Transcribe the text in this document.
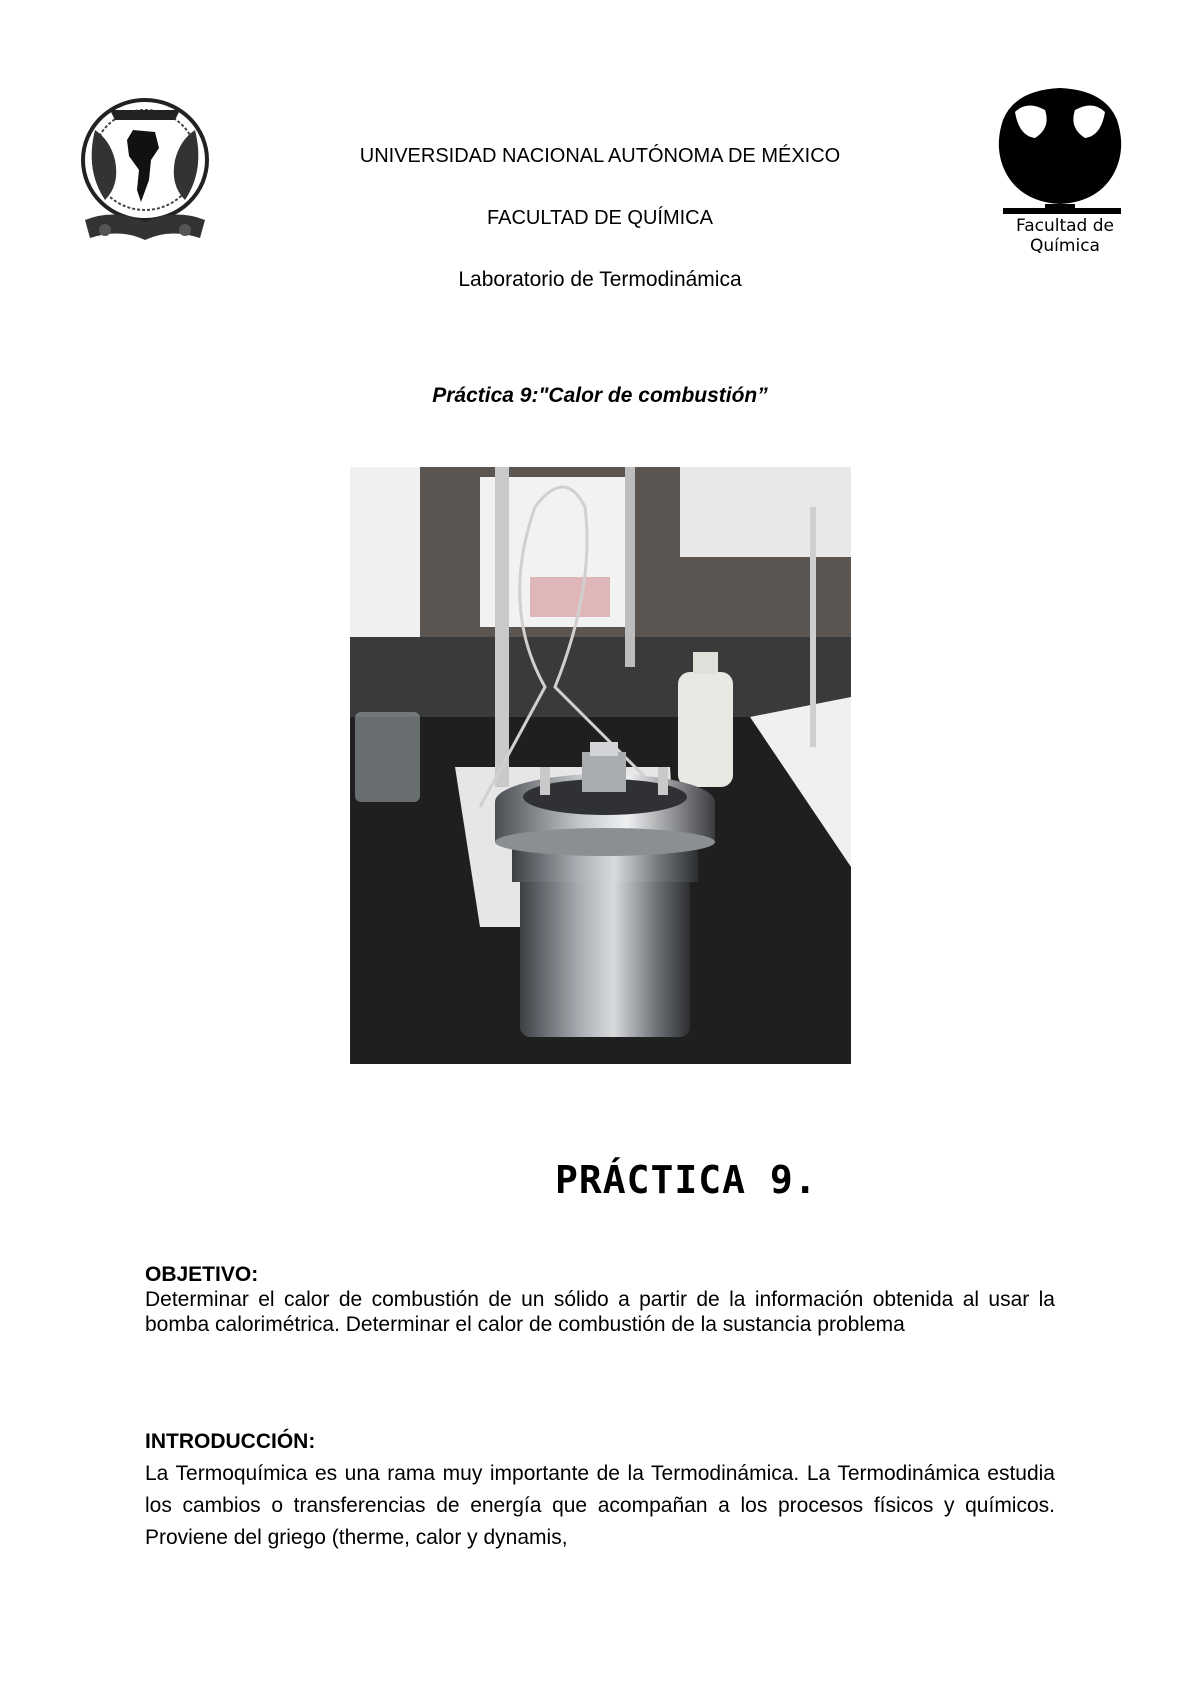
Facultad de Química
UNIVERSIDAD NACIONAL AUTÓNOMA DE MÉXICO
FACULTAD DE QUÍMICA
Laboratorio de Termodinámica
Práctica 9:"Calor de combustión”
PRÁCTICA 9.
OBJETIVO:
Determinar el calor de combustión de un sólido a partir de la información obtenida al usar la bomba calorimétrica. Determinar el calor de combustión de la sustancia problema
INTRODUCCIÓN:
La Termoquímica es una rama muy importante de la Termodinámica. La Termodinámica estudia los cambios o transferencias de energía que acompañan a los procesos físicos y químicos. Proviene del griego (therme, calor y dynamis,
